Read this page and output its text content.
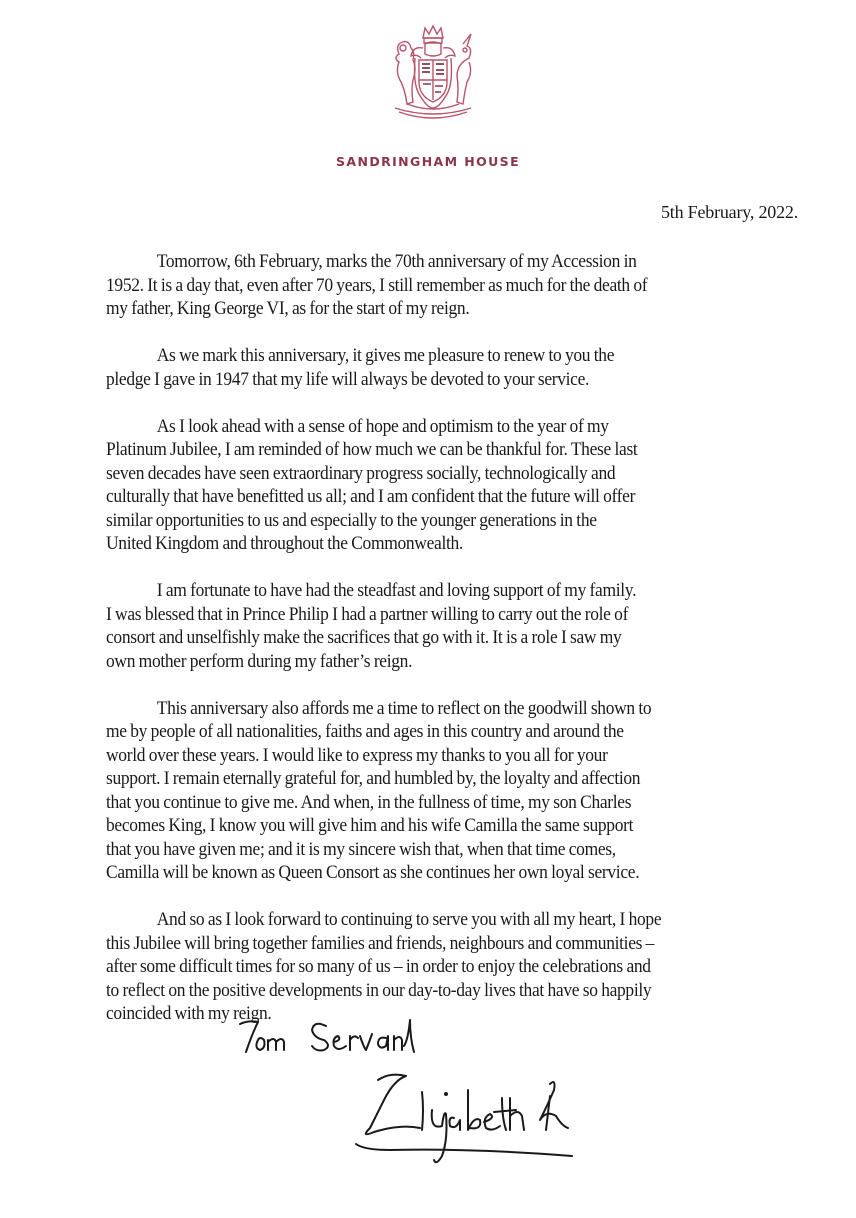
SANDRINGHAM HOUSE
5th February, 2022.

Tomorrow, 6th February, marks the 70th anniversary of my Accession in
1952. It is a day that, even after 70 years, I still remember as much for the death of
my father, King George VI, as for the start of my reign.

As we mark this anniversary, it gives me pleasure to renew to you the
pledge I gave in 1947 that my life will always be devoted to your service.

As I look ahead with a sense of hope and optimism to the year of my
Platinum Jubilee, I am reminded of how much we can be thankful for. These last
seven decades have seen extraordinary progress socially, technologically and
culturally that have benefitted us all; and I am confident that the future will offer
similar opportunities to us and especially to the younger generations in the
United Kingdom and throughout the Commonwealth.

I am fortunate to have had the steadfast and loving support of my family.
I was blessed that in Prince Philip I had a partner willing to carry out the role of
consort and unselfishly make the sacrifices that go with it. It is a role I saw my
own mother perform during my father’s reign.

This anniversary also affords me a time to reflect on the goodwill shown to
me by people of all nationalities, faiths and ages in this country and around the
world over these years. I would like to express my thanks to you all for your
support. I remain eternally grateful for, and humbled by, the loyalty and affection
that you continue to give me. And when, in the fullness of time, my son Charles
becomes King, I know you will give him and his wife Camilla the same support
that you have given me; and it is my sincere wish that, when that time comes,
Camilla will be known as Queen Consort as she continues her own loyal service.

And so as I look forward to continuing to serve you with all my heart, I hope
this Jubilee will bring together families and friends, neighbours and communities –
after some difficult times for so many of us – in order to enjoy the celebrations and
to reflect on the positive developments in our day-to-day lives that have so happily
coincided with my reign.
